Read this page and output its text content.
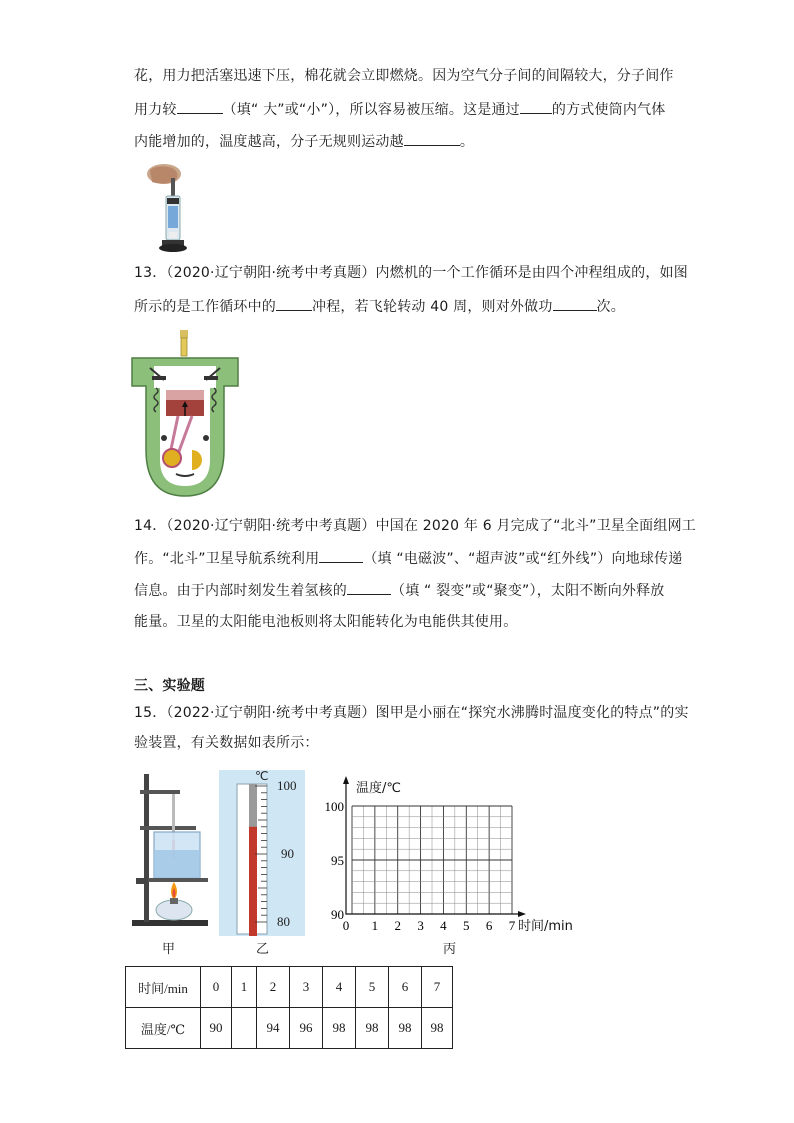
花，用力把活塞迅速下压，棉花就会立即燃烧。因为空气分子间的间隔较大，分子间作
用力较	（填“ 大”或“小”），所以容易被压缩。这是通过 的方式使筒内气体
内能增加的，温度越高，分子无规则运动越	。
13．（2020·辽宁朝阳·统考中考真题）内燃机的一个工作循环是由四个冲程组成的，如图
所示的是工作循环中的	冲程，若飞轮转动 40 周，则对外做功	次。
14．（2020·辽宁朝阳·统考中考真题）中国在 2020 年 6 月完成了“北斗”卫星全面组网工
作。“北斗”卫星导航系统利用	（填 “电磁波”、“超声波”或“红外线”）向地球传递
信息。由于内部时刻发生着氢核的	（填 “ 裂变”或“聚变”），太阳不断向外释放
能量。卫星的太阳能电池板则将太阳能转化为电能供其使用。
三、实验题
15．（2022·辽宁朝阳·统考中考真题）图甲是小丽在“探究水沸腾时温度变化的特点”的实
验装置，有关数据如表所示：
甲
℃
100
90
80
乙
温度/℃
时间/min
0 1 2 3 4 5 6 7
90
95
100
丙
时间/min	0	1	2	3	4	5	6	7
温度/℃	90		94	96	98	98	98	98
